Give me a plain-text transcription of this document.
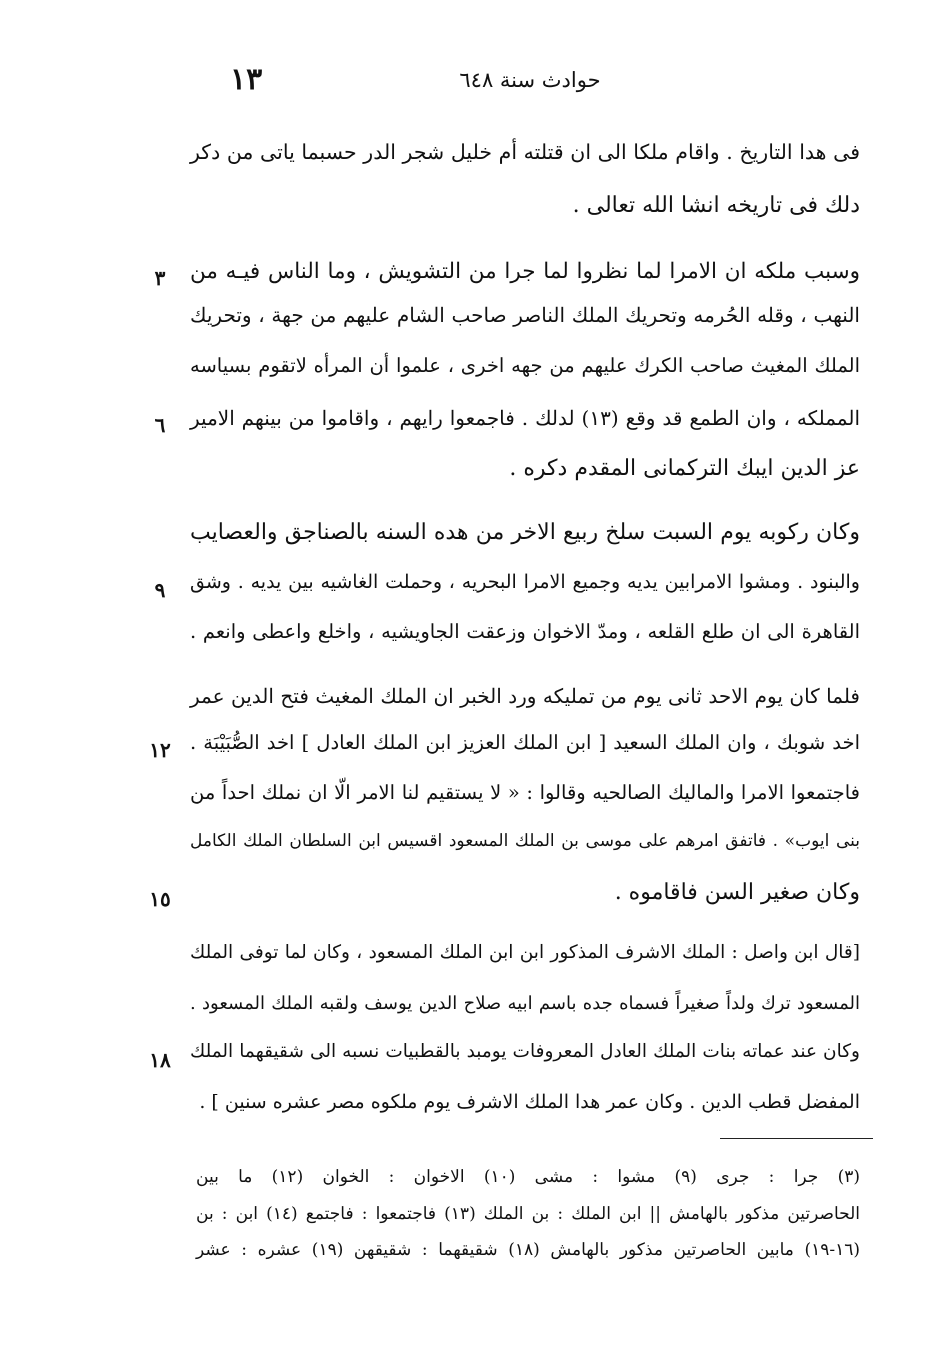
١٣	حوادث سنة ٦٤٨
فى هدا التاريخ . واقام ملكا الى ان قتلته أم خليل شجر الدر حسبما ياتى من دكر
دلك فى تاريخه انشا الله تعالى .
وسبب ملكه ان الامرا لما نظروا لما جرا من التشويش ، وما الناس فيـه من
النهب ، وقله الحُرمه وتحريك الملك الناصر صاحب الشام عليهم من جهة ، وتحريك
الملك المغيث صاحب الكرك عليهم من جهه اخرى ، علموا أن المرأه لاتقوم بسياسه
المملكه ، وان الطمع قد وقع (١٣) لدلك . فاجمعوا رايهم ، واقاموا من بينهم الامير
عز الدين ايبك التركمانى المقدم دكره .
وكان ركوبه يوم السبت سلخ ربيع الاخر من هده السنه بالصناجق والعصايب
والبنود . ومشوا الامرابين يديه وجميع الامرا البحريه ، وحملت الغاشيه بين يديه . وشق
القاهرة الى ان طلع القلعه ، ومدّ الاخوان وزعقت الجاويشيه ، واخلع واعطى وانعم .
فلما كان يوم الاحد ثانى يوم من تمليكه ورد الخبر ان الملك المغيث فتح الدين عمر
اخد شوبك ، وان الملك السعيد [ ابن الملك العزيز ابن الملك العادل ] اخد الصُّبَيْبَة .
فاجتمعوا الامرا والماليك الصالحيه وقالوا : « لا يستقيم لنا الامر الّا ان نملك احداً من
بنى ايوب» . فاتفق امرهم على موسى بن الملك المسعود اقسيس ابن السلطان الملك الكامل
وكان صغير السن فاقاموه .
[قال ابن واصل : الملك الاشرف المذكور ابن ابن الملك المسعود ، وكان لما توفى الملك
المسعود ترك ولداً صغيراً فسماه جده باسم ابيه صلاح الدين يوسف ولقبه الملك المسعود .
وكان عند عماته بنات الملك العادل المعروفات يومبد بالقطبيات نسبه الى شقيقهما الملك
المفضل قطب الدين . وكان عمر هدا الملك الاشرف يوم ملكوه مصر عشره سنين ] .
٣
٦
٩
١٢
١٥
١٨
(٣) جرا : جرى (٩) مشوا : مشى (١٠) الاخوان : الخوان (١٢) ما بين
الحاصرتين مذكور بالهامش || ابن الملك : بن الملك (١٣) فاجتمعوا : فاجتمع (١٤) ابن : بن
(١٦-١٩) مابين الحاصرتين مذكور بالهامش (١٨) شقيقهما : شقيقهن (١٩) عشره : عشر
